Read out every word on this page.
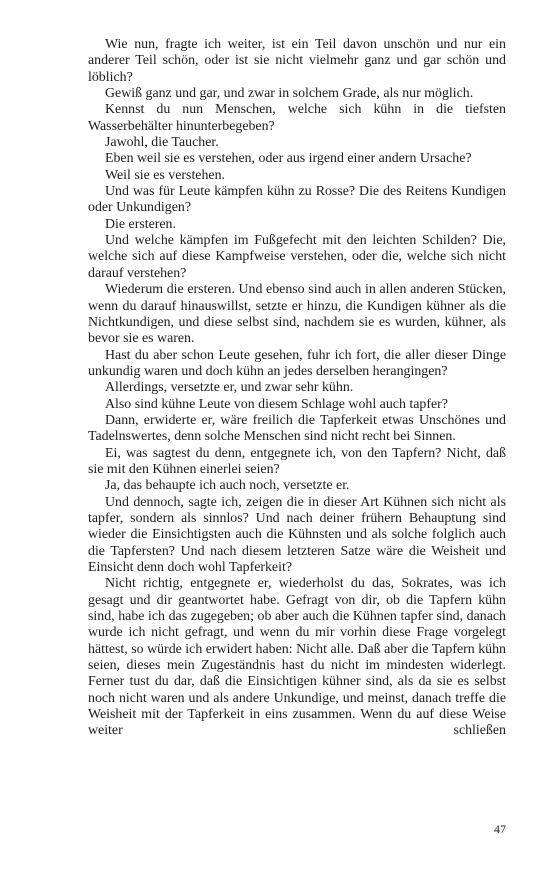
Wie nun, fragte ich weiter, ist ein Teil davon unschön und nur ein anderer Teil schön, oder ist sie nicht vielmehr ganz und gar schön und löblich?

Gewiß ganz und gar, und zwar in solchem Grade, als nur möglich.

Kennst du nun Menschen, welche sich kühn in die tiefsten Wasserbehälter hinunterbegeben?

Jawohl, die Taucher.

Eben weil sie es verstehen, oder aus irgend einer andern Ursache?

Weil sie es verstehen.

Und was für Leute kämpfen kühn zu Rosse? Die des Reitens Kundigen oder Unkundigen?

Die ersteren.

Und welche kämpfen im Fußgefecht mit den leichten Schilden? Die, welche sich auf diese Kampfweise verstehen, oder die, welche sich nicht darauf verstehen?

Wiederum die ersteren. Und ebenso sind auch in allen anderen Stücken, wenn du darauf hinauswillst, setzte er hinzu, die Kundigen kühner als die Nichtkundigen, und diese selbst sind, nachdem sie es wurden, kühner, als bevor sie es waren.

Hast du aber schon Leute gesehen, fuhr ich fort, die aller dieser Dinge unkundig waren und doch kühn an jedes derselben herangingen?

Allerdings, versetzte er, und zwar sehr kühn.

Also sind kühne Leute von diesem Schlage wohl auch tapfer?

Dann, erwiderte er, wäre freilich die Tapferkeit etwas Unschönes und Tadelnswertes, denn solche Menschen sind nicht recht bei Sinnen.

Ei, was sagtest du denn, entgegnete ich, von den Tapfern? Nicht, daß sie mit den Kühnen einerlei seien?

Ja, das behaupte ich auch noch, versetzte er.

Und dennoch, sagte ich, zeigen die in dieser Art Kühnen sich nicht als tapfer, sondern als sinnlos? Und nach deiner frühern Behauptung sind wieder die Einsichtigsten auch die Kühnsten und als solche folglich auch die Tapfersten? Und nach diesem letzteren Satze wäre die Weisheit und Einsicht denn doch wohl Tapferkeit?

Nicht richtig, entgegnete er, wiederholst du das, Sokrates, was ich gesagt und dir geantwortet habe. Gefragt von dir, ob die Tapfern kühn sind, habe ich das zugegeben; ob aber auch die Kühnen tapfer sind, danach wurde ich nicht gefragt, und wenn du mir vorhin diese Frage vorgelegt hättest, so würde ich erwidert haben: Nicht alle. Daß aber die Tapfern kühn seien, dieses mein Zugeständnis hast du nicht im mindesten widerlegt. Ferner tust du dar, daß die Einsichtigen kühner sind, als da sie es selbst noch nicht waren und als andere Unkundige, und meinst, danach treffe die Weisheit mit der Tapferkeit in eins zusammen. Wenn du auf diese Weise weiter schließen

47
